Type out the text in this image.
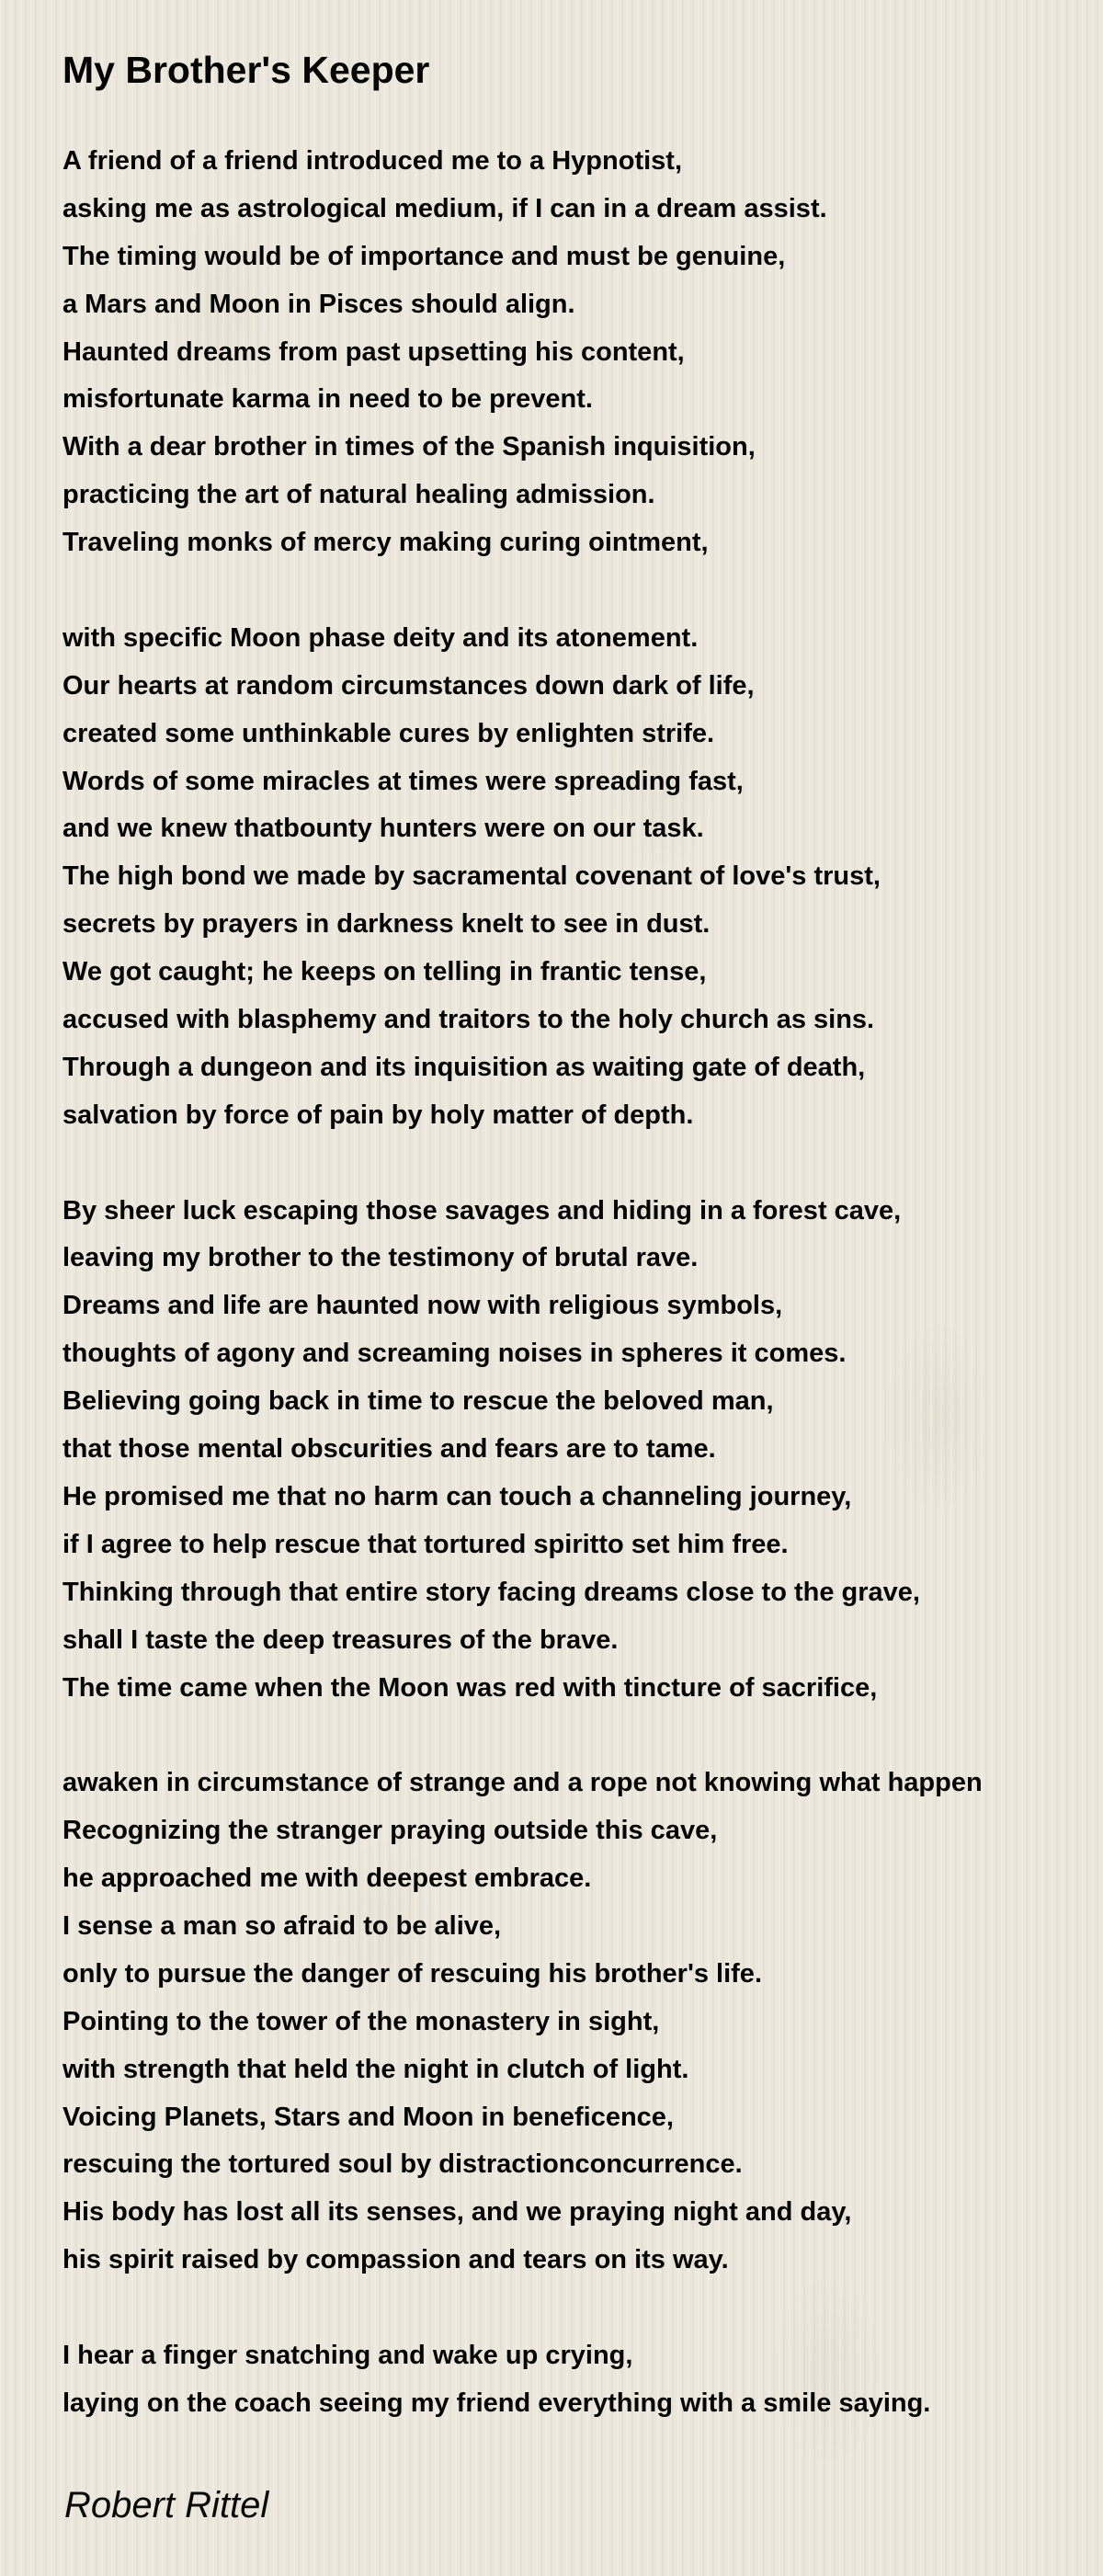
My Brother's Keeper
A friend of a friend introduced me to a Hypnotist,
asking me as astrological medium, if I can in a dream assist.
The timing would be of importance and must be genuine,
a Mars and Moon in Pisces should align.
Haunted dreams from past upsetting his content,
misfortunate karma in need to be prevent.
With a dear brother in times of the Spanish inquisition,
practicing the art of natural healing admission.
Traveling monks of mercy making curing ointment,
with specific Moon phase deity and its atonement.
Our hearts at random circumstances down dark of life,
created some unthinkable cures by enlighten strife.
Words of some miracles at times were spreading fast,
and we knew thatbounty hunters were on our task.
The high bond we made by sacramental covenant of love's trust,
secrets by prayers in darkness knelt to see in dust.
We got caught; he keeps on telling in frantic tense,
accused with blasphemy and traitors to the holy church as sins.
Through a dungeon and its inquisition as waiting gate of death,
salvation by force of pain by holy matter of depth.
By sheer luck escaping those savages and hiding in a forest cave,
leaving my brother to the testimony of brutal rave.
Dreams and life are haunted now with religious symbols,
thoughts of agony and screaming noises in spheres it comes.
Believing going back in time to rescue the beloved man,
that those mental obscurities and fears are to tame.
He promised me that no harm can touch a channeling journey,
if I agree to help rescue that tortured spiritto set him free.
Thinking through that entire story facing dreams close to the grave,
shall I taste the deep treasures of the brave.
The time came when the Moon was red with tincture of sacrifice,
awaken in circumstance of strange and a rope not knowing what happen
Recognizing the stranger praying outside this cave,
he approached me with deepest embrace.
I sense a man so afraid to be alive,
only to pursue the danger of rescuing his brother's life.
Pointing to the tower of the monastery in sight,
with strength that held the night in clutch of light.
Voicing Planets, Stars and Moon in beneficence,
rescuing the tortured soul by distractionconcurrence.
His body has lost all its senses, and we praying night and day,
his spirit raised by compassion and tears on its way.
I hear a finger snatching and wake up crying,
laying on the coach seeing my friend everything with a smile saying.
Robert Rittel
